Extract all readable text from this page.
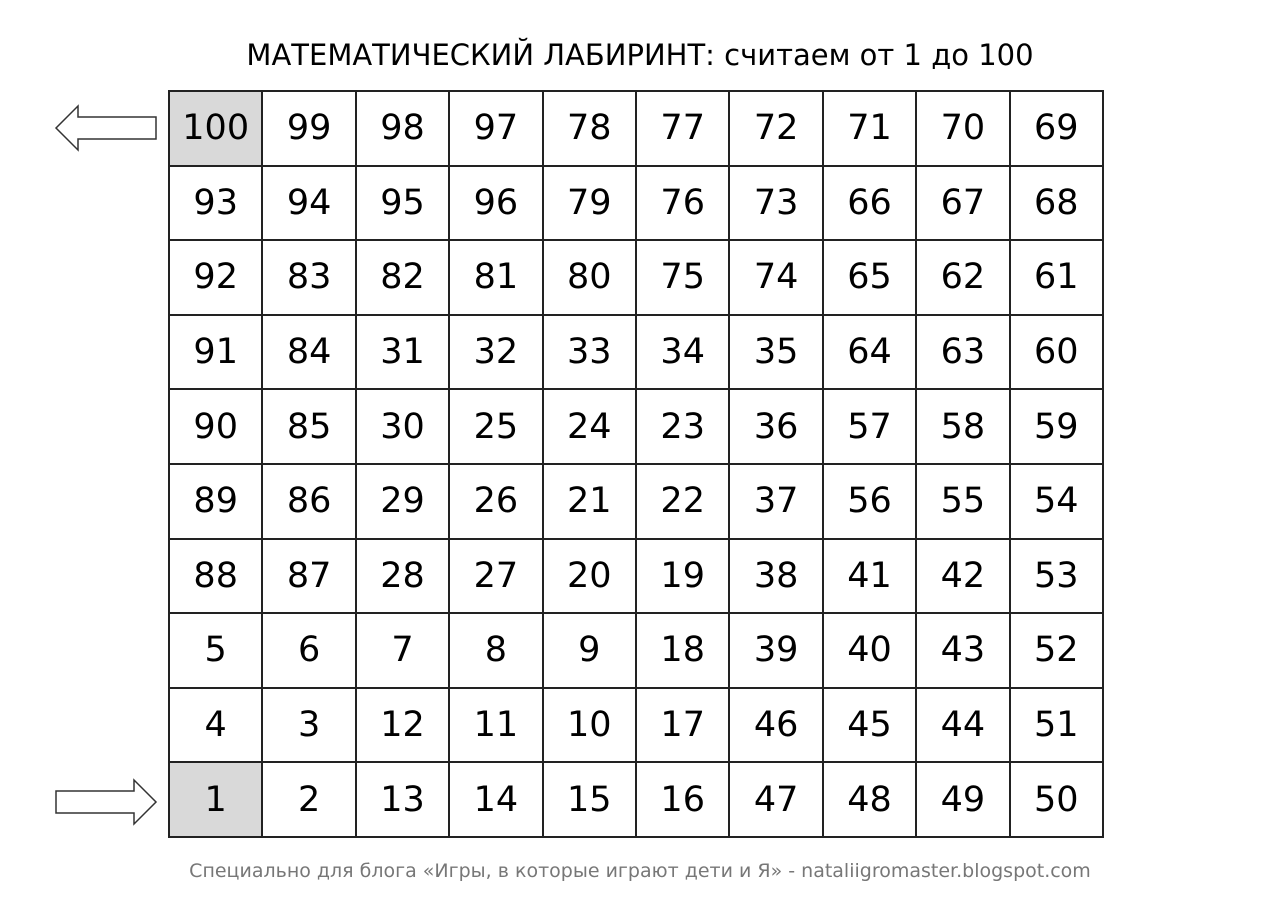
МАТЕМАТИЧЕСКИЙ ЛАБИРИНТ: считаем от 1 до 100
100	99	98	97	78	77	72	71	70	69
93	94	95	96	79	76	73	66	67	68
92	83	82	81	80	75	74	65	62	61
91	84	31	32	33	34	35	64	63	60
90	85	30	25	24	23	36	57	58	59
89	86	29	26	21	22	37	56	55	54
88	87	28	27	20	19	38	41	42	53
5	6	7	8	9	18	39	40	43	52
4	3	12	11	10	17	46	45	44	51
1	2	13	14	15	16	47	48	49	50
Специально для блога «Игры, в которые играют дети и Я» - nataliigromaster.blogspot.com
